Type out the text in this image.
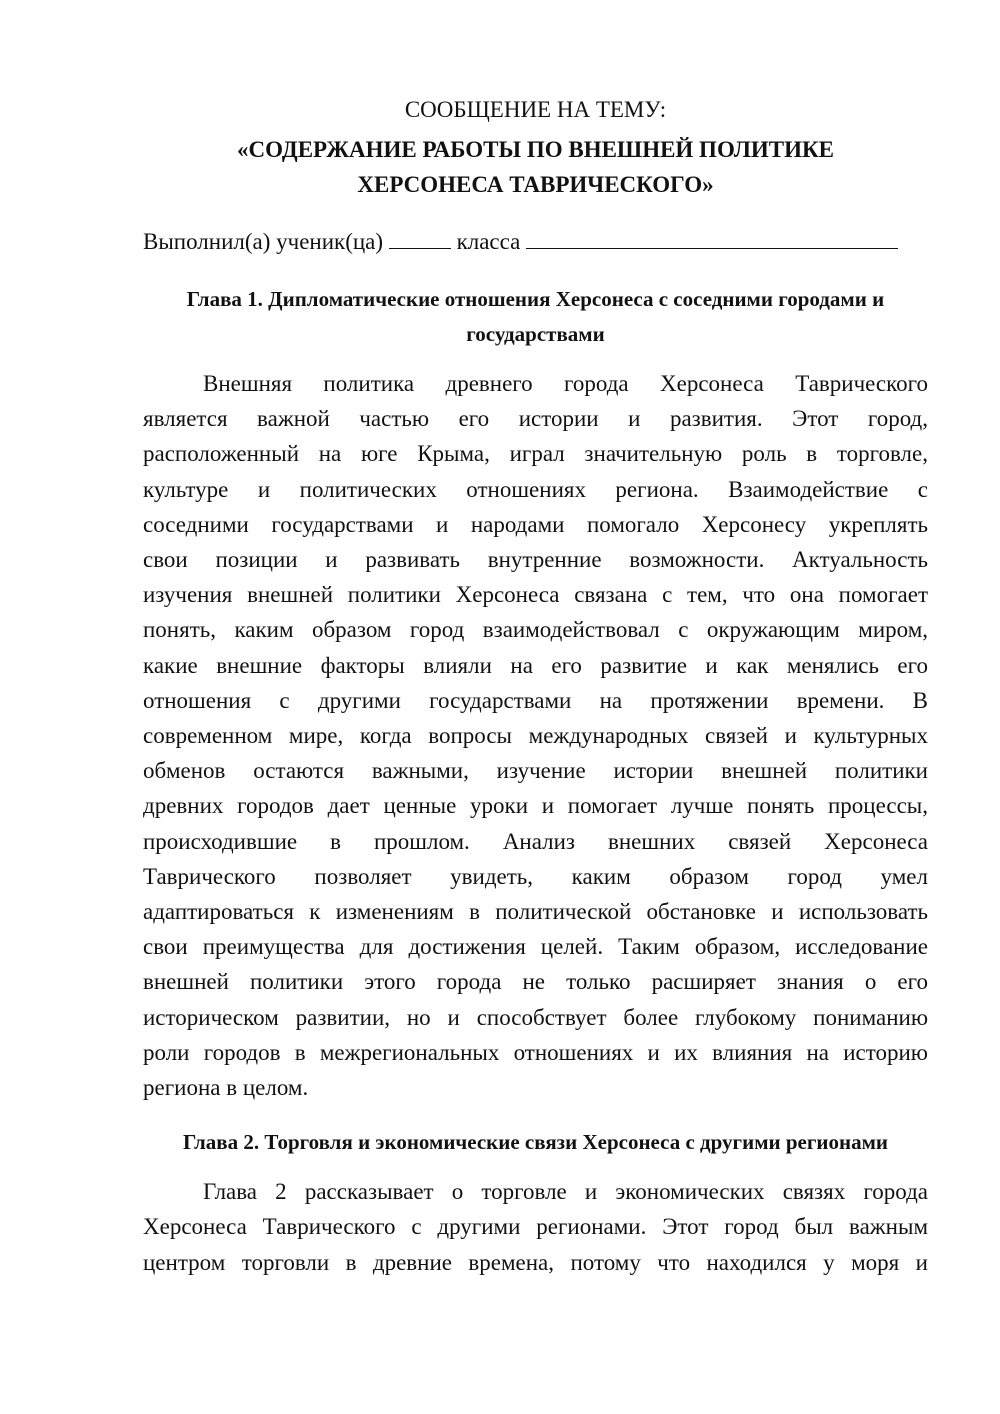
СООБЩЕНИЕ НА ТЕМУ:

«СОДЕРЖАНИЕ РАБОТЫ ПО ВНЕШНЕЙ ПОЛИТИКЕ
ХЕРСОНЕСА ТАВРИЧЕСКОГО»

Выполнил(а) ученик(ца)	класса

Глава 1. Дипломатические отношения Херсонеса с соседними городами и
государствами
Внешняя политика древнего города Херсонеса Таврического
является важной частью его истории и развития. Этот город,
расположенный на юге Крыма, играл значительную роль в торговле,
культуре и политических отношениях региона. Взаимодействие с
соседними государствами и народами помогало Херсонесу укреплять
свои позиции и развивать внутренние возможности. Актуальность
изучения внешней политики Херсонеса связана с тем, что она помогает
понять, каким образом город взаимодействовал с окружающим миром,
какие внешние факторы влияли на его развитие и как менялись его
отношения с другими государствами на протяжении времени. В
современном мире, когда вопросы международных связей и культурных
обменов остаются важными, изучение истории внешней политики
древних городов дает ценные уроки и помогает лучше понять процессы,
происходившие в прошлом. Анализ внешних связей Херсонеса
Таврического позволяет увидеть, каким образом город умел
адаптироваться к изменениям в политической обстановке и использовать
свои преимущества для достижения целей. Таким образом, исследование
внешней политики этого города не только расширяет знания о его
историческом развитии, но и способствует более глубокому пониманию
роли городов в межрегиональных отношениях и их влияния на историю
региона в целом.
Глава 2. Торговля и экономические связи Херсонеса с другими регионами
Глава 2 рассказывает о торговле и экономических связях города
Херсонеса Таврического с другими регионами. Этот город был важным
центром торговли в древние времена, потому что находился у моря и
